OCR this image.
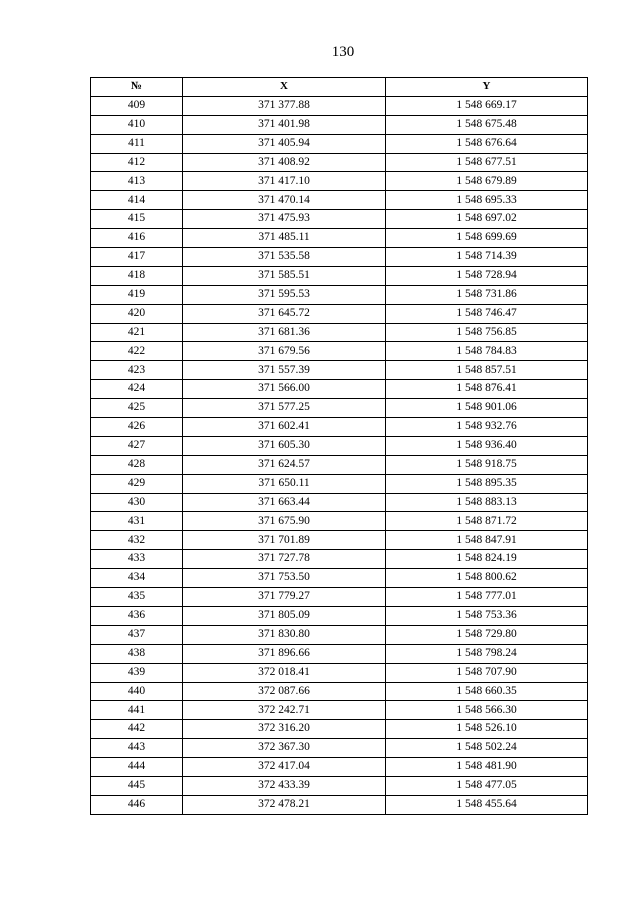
130
№	X	Y
409	371 377.88	1 548 669.17
410	371 401.98	1 548 675.48
411	371 405.94	1 548 676.64
412	371 408.92	1 548 677.51
413	371 417.10	1 548 679.89
414	371 470.14	1 548 695.33
415	371 475.93	1 548 697.02
416	371 485.11	1 548 699.69
417	371 535.58	1 548 714.39
418	371 585.51	1 548 728.94
419	371 595.53	1 548 731.86
420	371 645.72	1 548 746.47
421	371 681.36	1 548 756.85
422	371 679.56	1 548 784.83
423	371 557.39	1 548 857.51
424	371 566.00	1 548 876.41
425	371 577.25	1 548 901.06
426	371 602.41	1 548 932.76
427	371 605.30	1 548 936.40
428	371 624.57	1 548 918.75
429	371 650.11	1 548 895.35
430	371 663.44	1 548 883.13
431	371 675.90	1 548 871.72
432	371 701.89	1 548 847.91
433	371 727.78	1 548 824.19
434	371 753.50	1 548 800.62
435	371 779.27	1 548 777.01
436	371 805.09	1 548 753.36
437	371 830.80	1 548 729.80
438	371 896.66	1 548 798.24
439	372 018.41	1 548 707.90
440	372 087.66	1 548 660.35
441	372 242.71	1 548 566.30
442	372 316.20	1 548 526.10
443	372 367.30	1 548 502.24
444	372 417.04	1 548 481.90
445	372 433.39	1 548 477.05
446	372 478.21	1 548 455.64
